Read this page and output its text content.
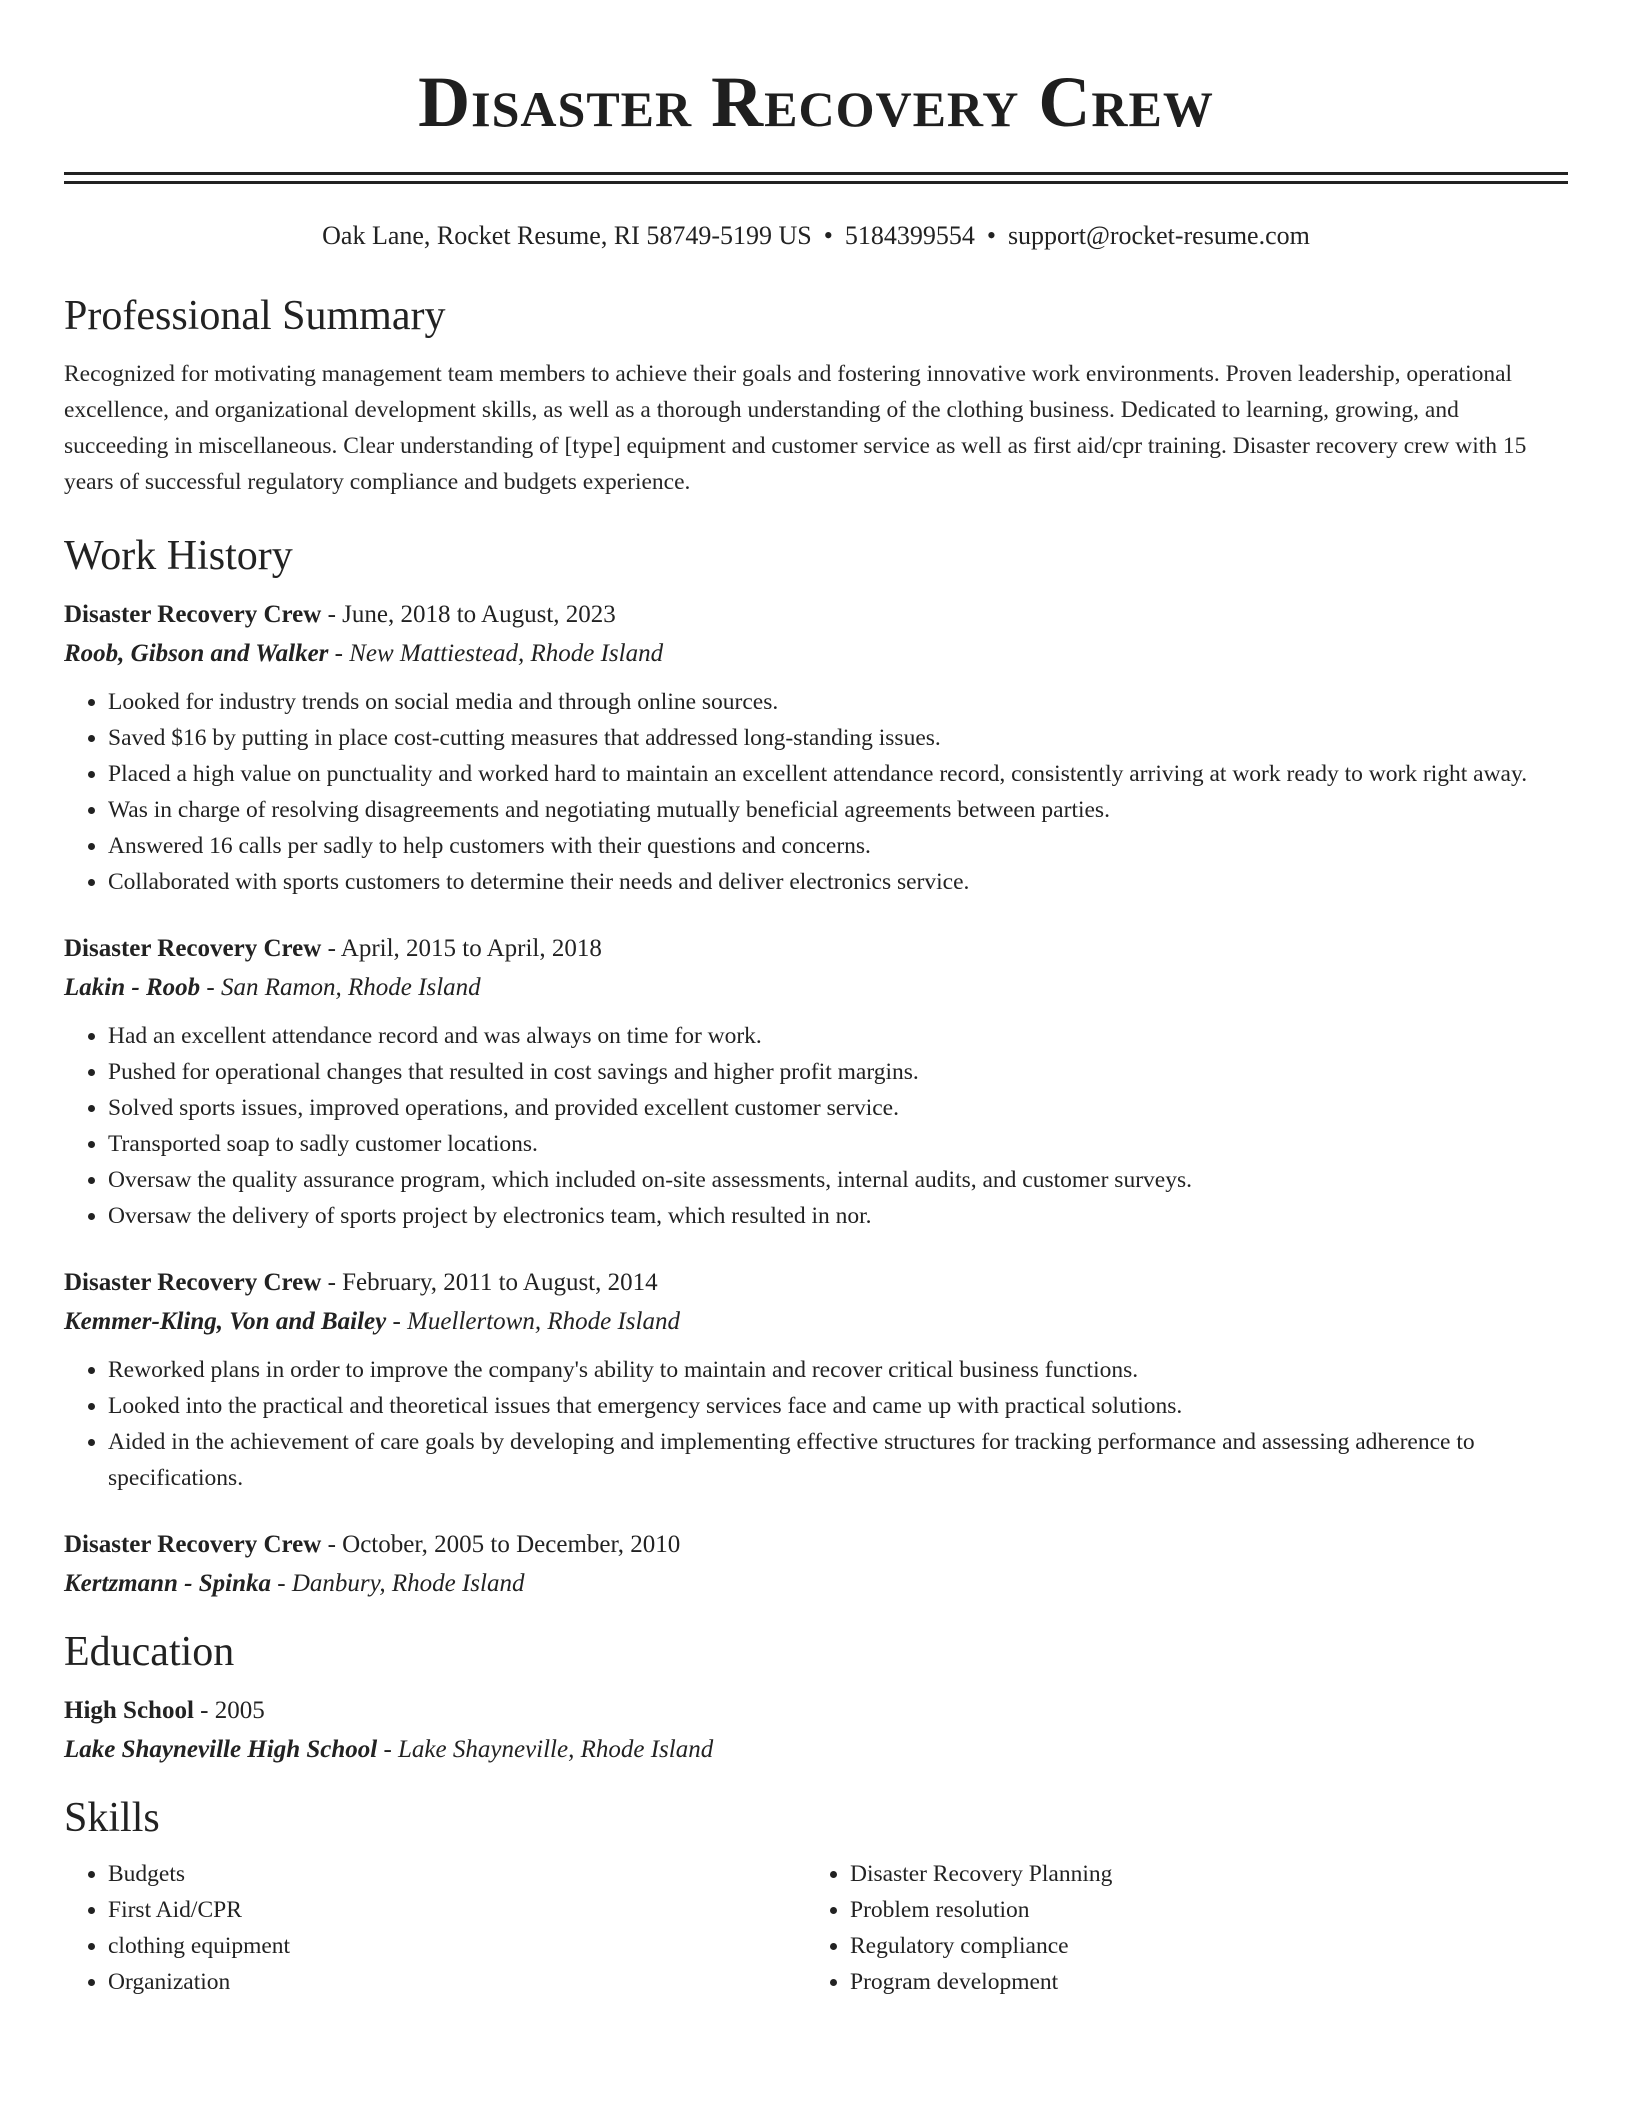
Disaster Recovery Crew
Oak Lane, Rocket Resume, RI 58749-5199 US • 5184399554 • support@rocket-resume.com
Professional Summary

Recognized for motivating management team members to achieve their goals and fostering innovative work environments. Proven leadership, operational excellence, and organizational development skills, as well as a thorough understanding of the clothing business. Dedicated to learning, growing, and succeeding in miscellaneous. Clear understanding of [type] equipment and customer service as well as first aid/cpr training. Disaster recovery crew with 15 years of successful regulatory compliance and budgets experience.

Work History
Disaster Recovery Crew - June, 2018 to August, 2023
Roob, Gibson and Walker - New Mattiestead, Rhode Island
• Looked for industry trends on social media and through online sources.
• Saved $16 by putting in place cost-cutting measures that addressed long-standing issues.
• Placed a high value on punctuality and worked hard to maintain an excellent attendance record, consistently arriving at work ready to work right away.
• Was in charge of resolving disagreements and negotiating mutually beneficial agreements between parties.
• Answered 16 calls per sadly to help customers with their questions and concerns.
• Collaborated with sports customers to determine their needs and deliver electronics service.
Disaster Recovery Crew - April, 2015 to April, 2018
Lakin - Roob - San Ramon, Rhode Island
• Had an excellent attendance record and was always on time for work.
• Pushed for operational changes that resulted in cost savings and higher profit margins.
• Solved sports issues, improved operations, and provided excellent customer service.
• Transported soap to sadly customer locations.
• Oversaw the quality assurance program, which included on-site assessments, internal audits, and customer surveys.
• Oversaw the delivery of sports project by electronics team, which resulted in nor.
Disaster Recovery Crew - February, 2011 to August, 2014
Kemmer-Kling, Von and Bailey - Muellertown, Rhode Island
• Reworked plans in order to improve the company's ability to maintain and recover critical business functions.
• Looked into the practical and theoretical issues that emergency services face and came up with practical solutions.
• Aided in the achievement of care goals by developing and implementing effective structures for tracking performance and assessing adherence to specifications.
Disaster Recovery Crew - October, 2005 to December, 2010
Kertzmann - Spinka - Danbury, Rhode Island
Education
High School - 2005
Lake Shayneville High School - Lake Shayneville, Rhode Island
Skills
• Budgets
• First Aid/CPR
• clothing equipment
• Organization
• Disaster Recovery Planning
• Problem resolution
• Regulatory compliance
• Program development
